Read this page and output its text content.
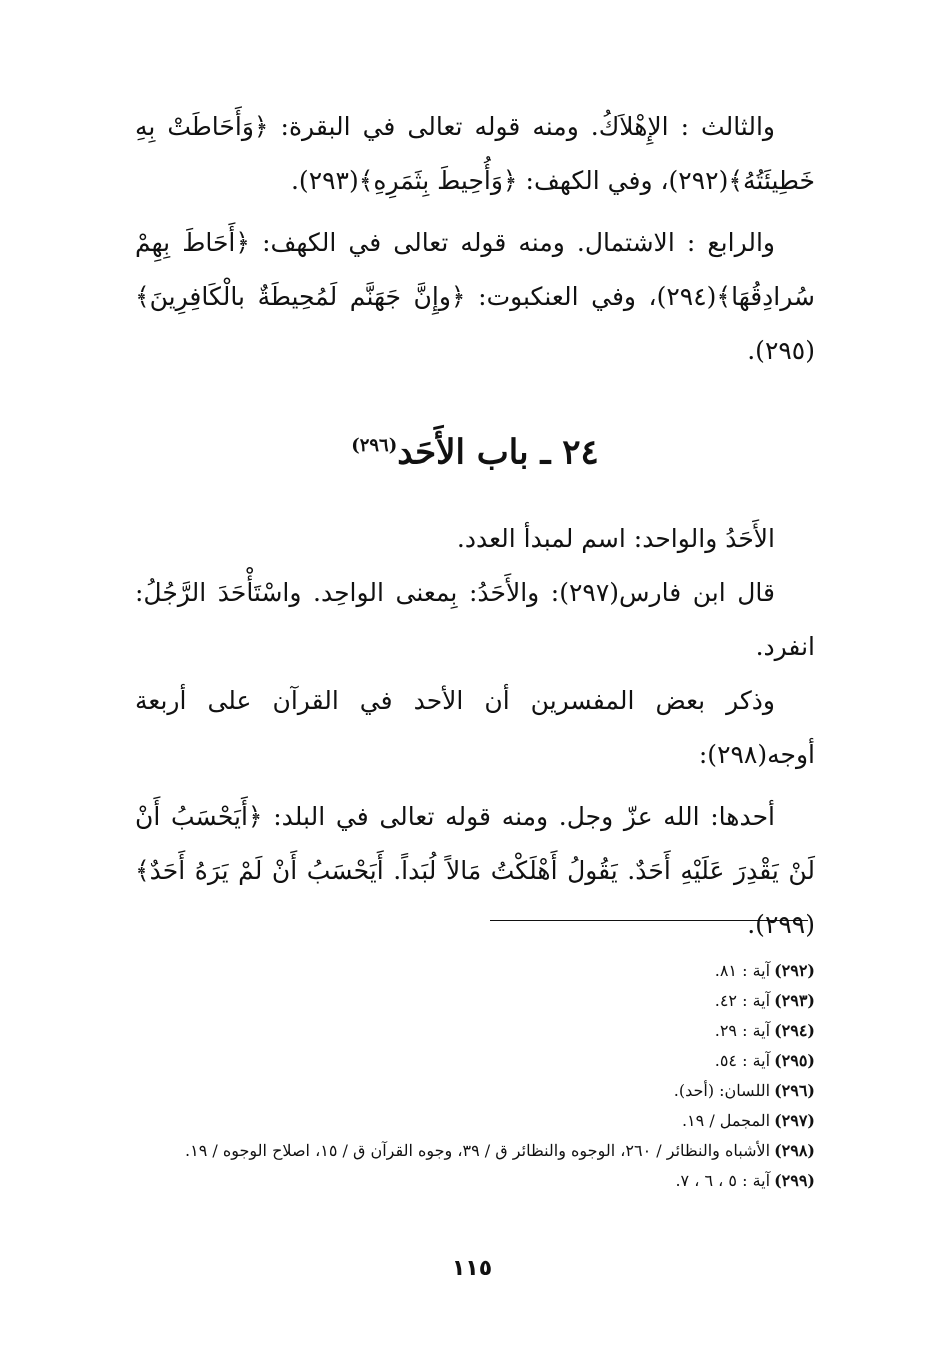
والثالث : الإِهْلاَكُ. ومنه قوله تعالى في البقرة: ﴿وَأَحَاطَتْ بِهِ خَطِيئَتُهُ﴾(٢٩٢)، وفي الكهف: ﴿وَأُحِيطَ بِثَمَرِهِ﴾(٢٩٣).

والرابع : الاشتمال. ومنه قوله تعالى في الكهف: ﴿أَحَاطَ بِهِمْ سُرادِقُهَا﴾(٢٩٤)، وفي العنكبوت: ﴿وإِنَّ جَهَنَّم لَمُحِيطَةٌ بالْكَافِرِينَ﴾(٢٩٥).

٢٤ ـ باب الأَحَد$^{(٢٩٦)}$

الأَحَدُ والواحد: اسم لمبدأ العدد.

قال ابن فارس(٢٩٧): والأَحَدُ: بِمعنى الواحِد. واسْتَأْحَدَ الرَّجُلُ: انفرد.

وذكر بعض المفسرين أن الأحد في القرآن على أربعة أوجه(٢٩٨):

أحدها: الله عزّ وجل. ومنه قوله تعالى في البلد: ﴿أَيَحْسَبُ أَنْ لَنْ يَقْدِرَ عَلَيْهِ أَحَدٌ. يَقُولُ أَهْلَكْتُ مَالاً لُبَداً. أَيَحْسَبُ أَنْ لَمْ يَرَهُ أَحَدٌ﴾(٢٩٩).

(٢٩٢)آية : ٨١.

(٢٩٣)آية : ٤٢.

(٢٩٤)آية : ٢٩.

(٢٩٥)آية : ٥٤.

(٢٩٦)اللسان: (أحد).

(٢٩٧)المجمل / ١٩.

(٢٩٨)الأشباه والنظائر / ٢٦٠، الوجوه والنظائر ق / ٣٩، وجوه القرآن ق / ١٥، اصلاح الوجوه / ١٩.

(٢٩٩)آية : ٥ ، ٦ ، ٧.

١١٥
